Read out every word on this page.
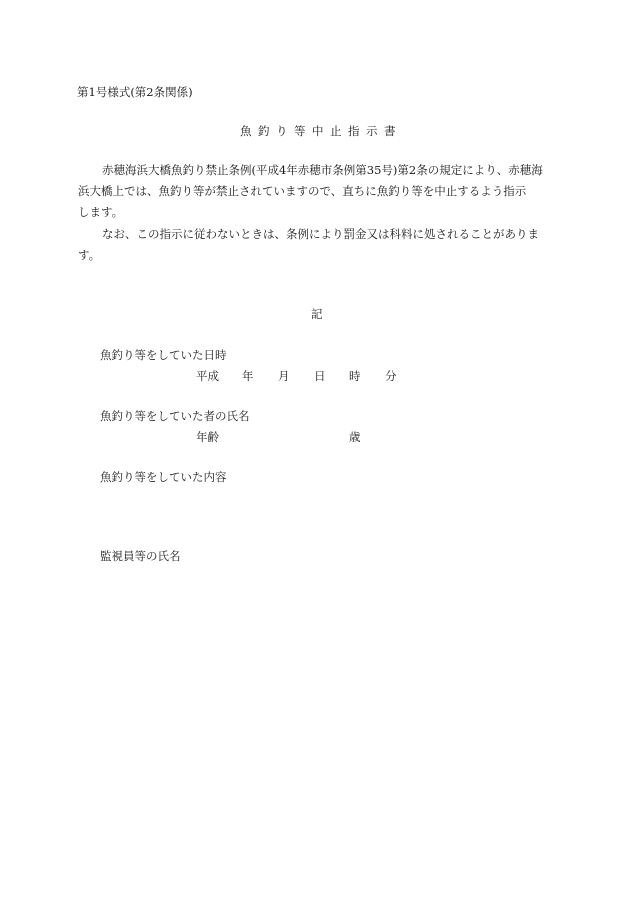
第1号様式(第2条関係)
魚釣り等中止指示書
赤穂海浜大橋魚釣り禁止条例(平成4年赤穂市条例第35号)第2条の規定により、赤穂海
浜大橋上では、魚釣り等が禁止されていますので、直ちに魚釣り等を中止するよう指示
します。
なお、この指示に従わないときは、条例により罰金又は科料に処されることがありま
す。
記
魚釣り等をしていた日時
平成 年 月 日 時 分
魚釣り等をしていた者の氏名
年齢	歳
魚釣り等をしていた内容
監視員等の氏名
